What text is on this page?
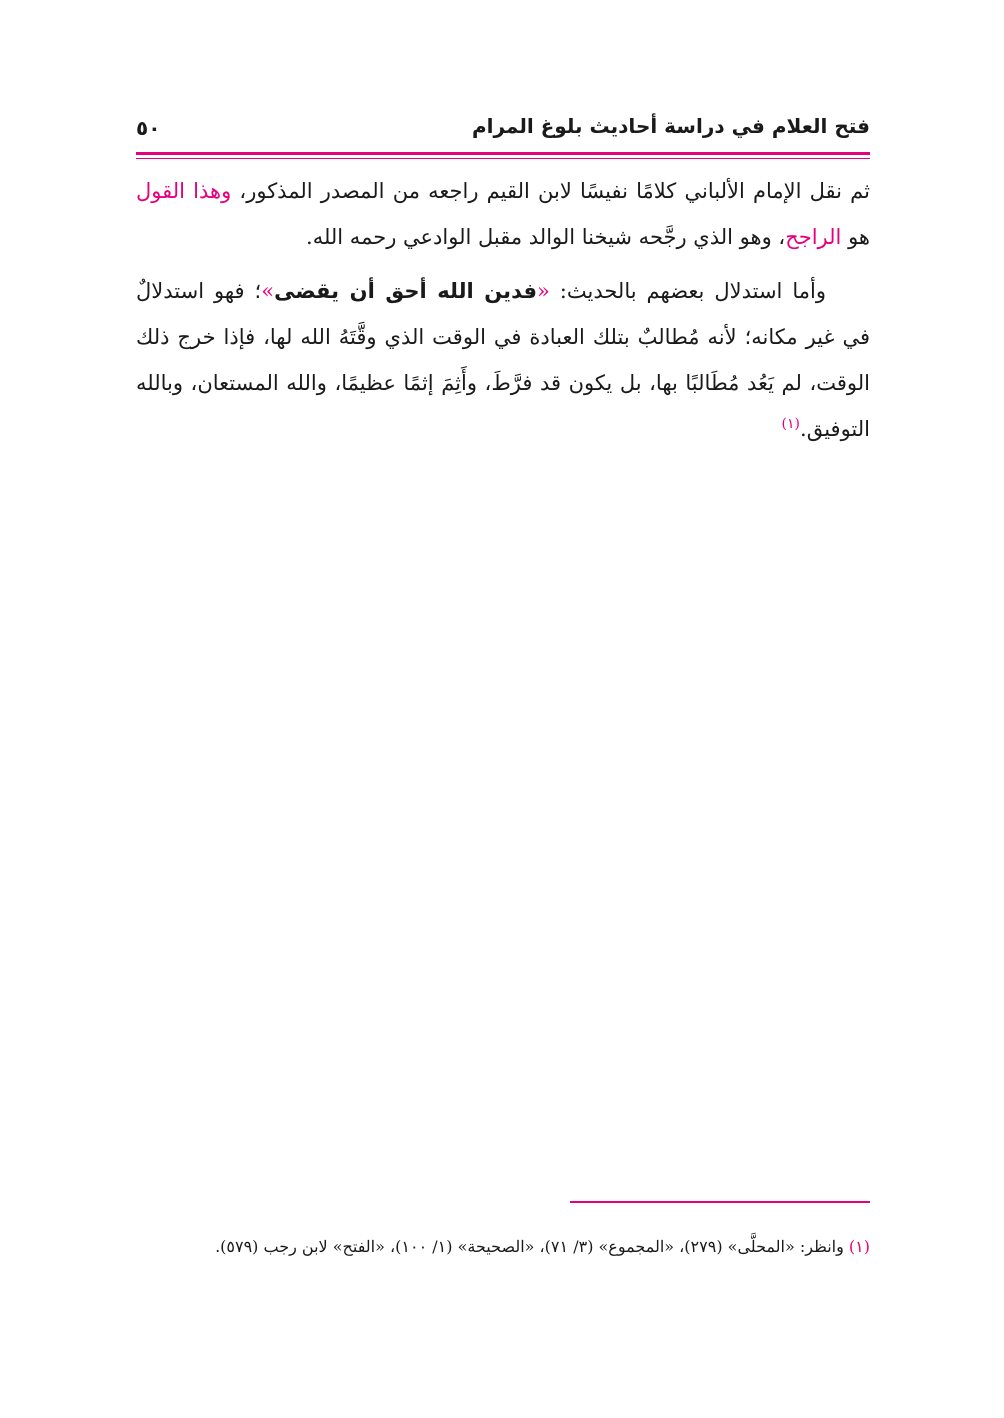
فتح العلام في دراسة أحاديث بلوغ المرام
٥٠

ثم نقل الإمام الألباني كلامًا نفيسًا لابن القيم راجعه من المصدر المذكور، وهذا القول هو الراجح، وهو الذي رجَّحه شيخنا الوالد مقبل الوادعي رحمه الله.

وأما استدلال بعضهم بالحديث: «فدين الله أحق أن يقضى»؛ فهو استدلالٌ في غير مكانه؛ لأنه مُطالبٌ بتلك العبادة في الوقت الذي وقَّتَهُ الله لها، فإذا خرج ذلك الوقت، لم يَعُد مُطَالبًا بها، بل يكون قد فرَّطَ، وأَثِمَ إثمًا عظيمًا، والله المستعان، وبالله التوفيق.$^{(١)}$

(١) وانظر: «المحلَّى» (٢٧٩)، «المجموع» (٣/ ٧١)، «الصحيحة» (١/ ١٠٠)، «الفتح» لابن رجب (٥٧٩).
